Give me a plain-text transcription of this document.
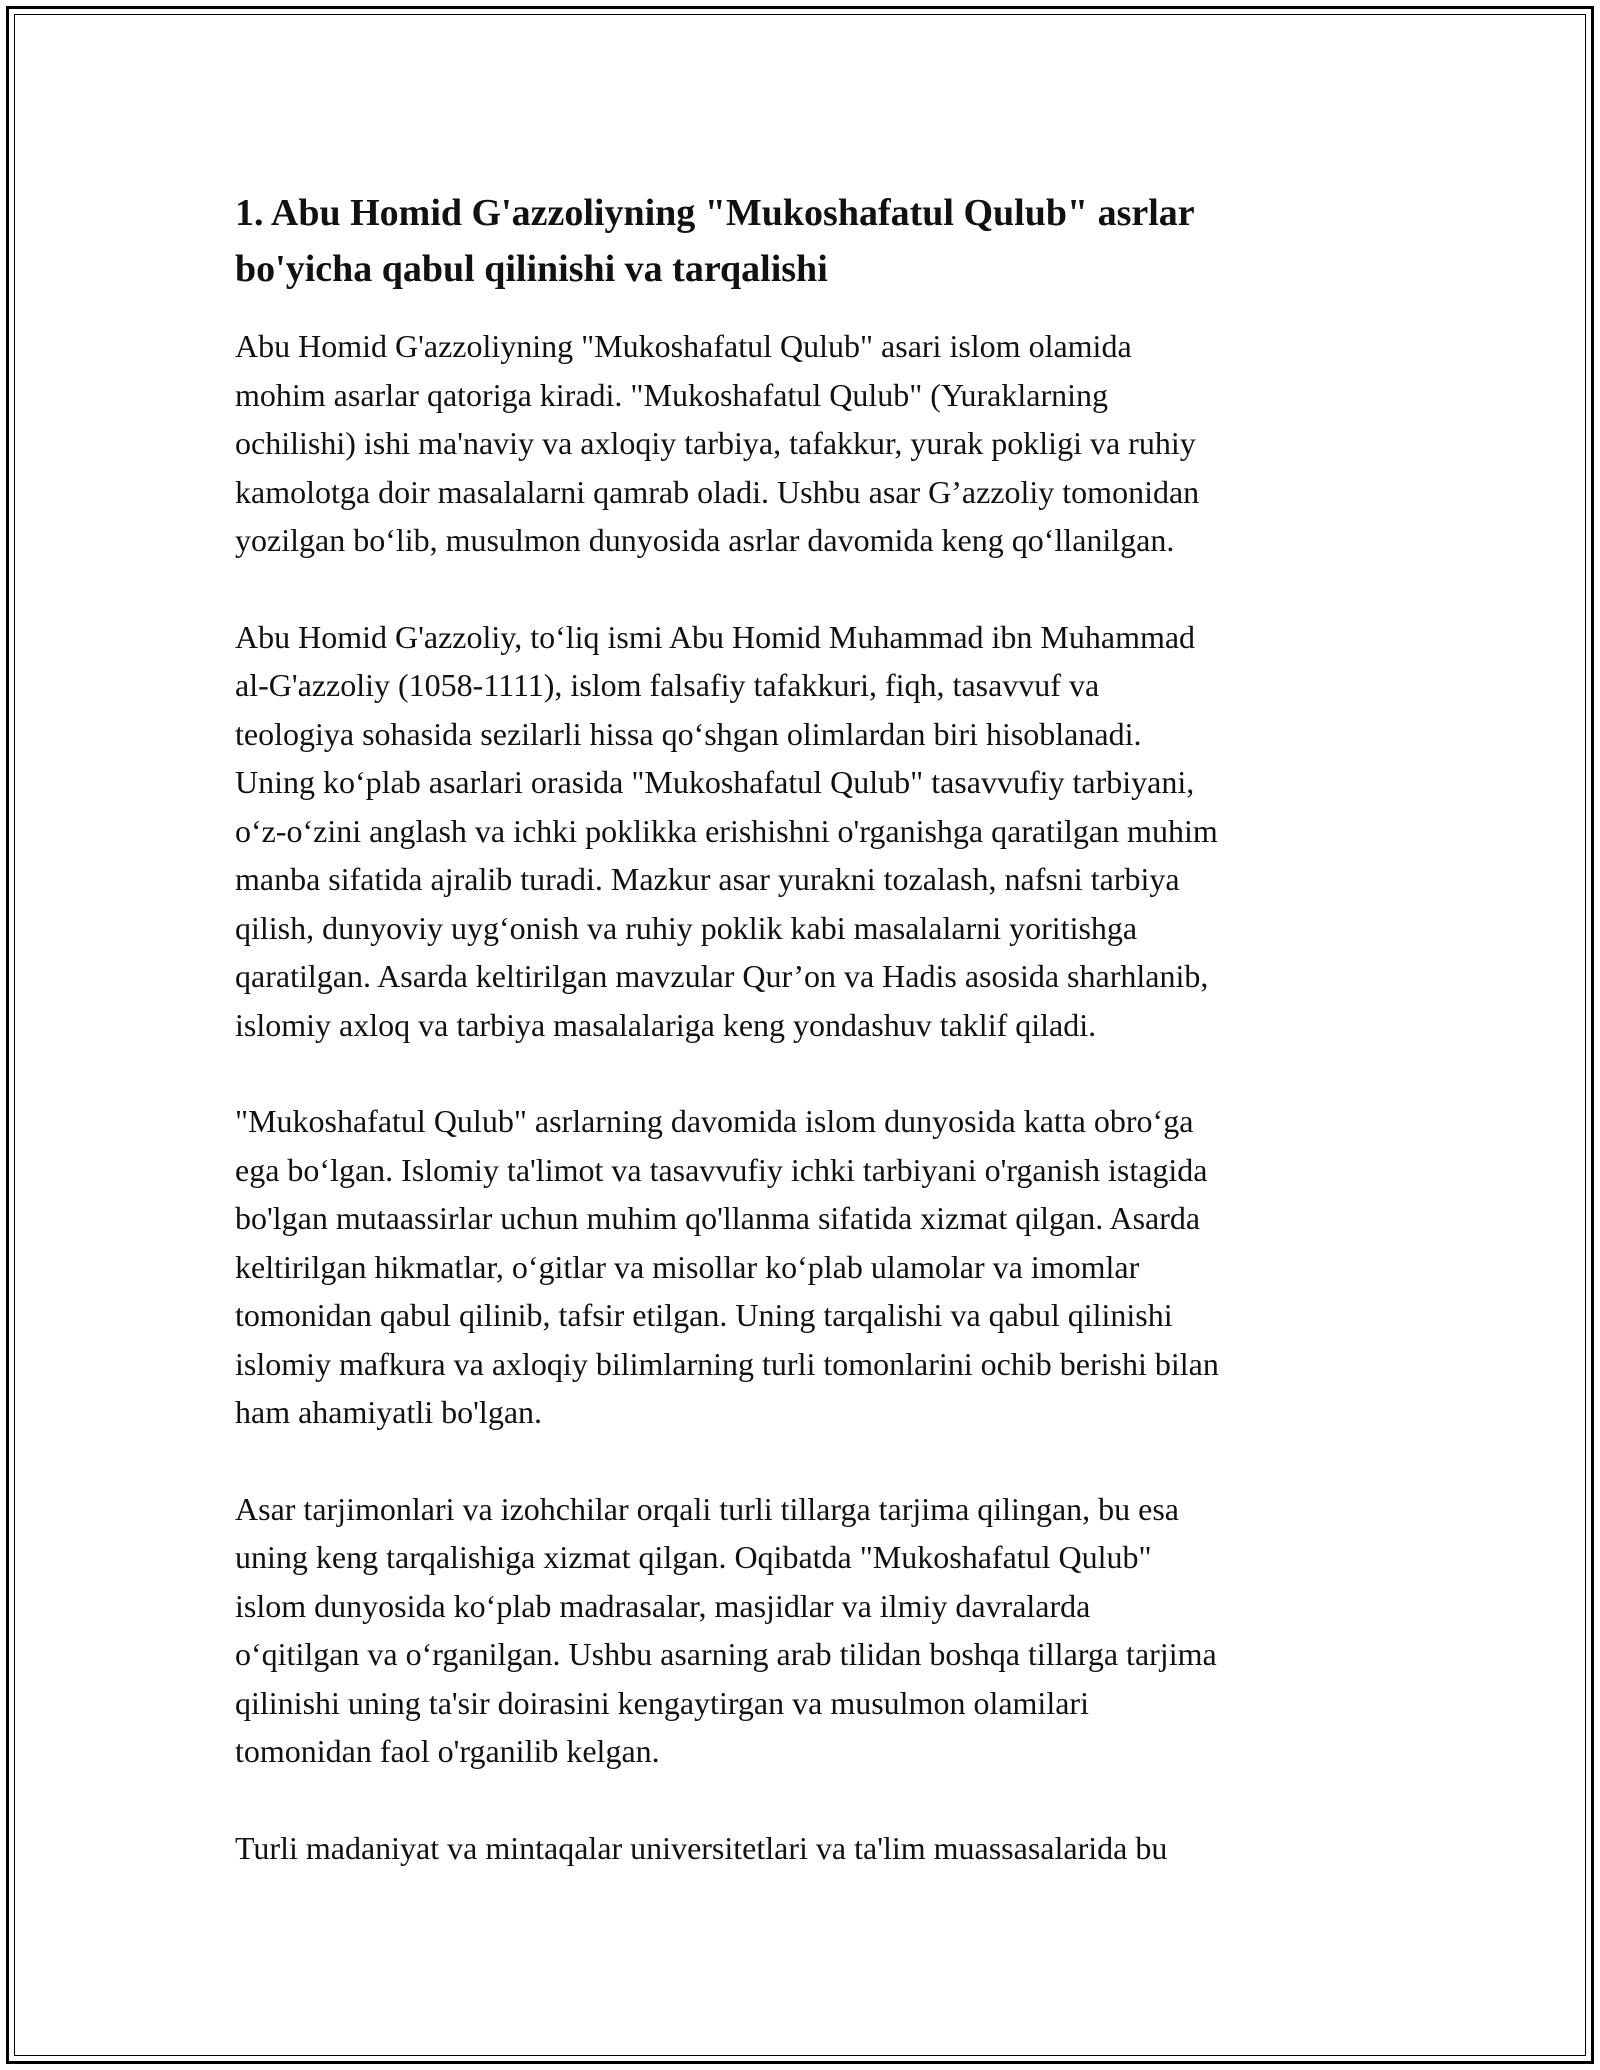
1. Abu Homid G'azzoliyning "Mukoshafatul Qulub" asrlar
bo'yicha qabul qilinishi va tarqalishi

Abu Homid G'azzoliyning "Mukoshafatul Qulub" asari islom olamida
mohim asarlar qatoriga kiradi. "Mukoshafatul Qulub" (Yuraklarning
ochilishi) ishi ma'naviy va axloqiy tarbiya, tafakkur, yurak pokligi va ruhiy
kamolotga doir masalalarni qamrab oladi. Ushbu asar G’azzoliy tomonidan
yozilgan bo‘lib, musulmon dunyosida asrlar davomida keng qo‘llanilgan.

Abu Homid G'azzoliy, to‘liq ismi Abu Homid Muhammad ibn Muhammad
al-G'azzoliy (1058-1111), islom falsafiy tafakkuri, fiqh, tasavvuf va
teologiya sohasida sezilarli hissa qo‘shgan olimlardan biri hisoblanadi.
Uning ko‘plab asarlari orasida "Mukoshafatul Qulub" tasavvufiy tarbiyani,
o‘z-o‘zini anglash va ichki poklikka erishishni o'rganishga qaratilgan muhim
manba sifatida ajralib turadi. Mazkur asar yurakni tozalash, nafsni tarbiya
qilish, dunyoviy uyg‘onish va ruhiy poklik kabi masalalarni yoritishga
qaratilgan. Asarda keltirilgan mavzular Qur’on va Hadis asosida sharhlanib,
islomiy axloq va tarbiya masalalariga keng yondashuv taklif qiladi.

"Mukoshafatul Qulub" asrlarning davomida islom dunyosida katta obro‘ga
ega bo‘lgan. Islomiy ta'limot va tasavvufiy ichki tarbiyani o'rganish istagida
bo'lgan mutaassirlar uchun muhim qo'llanma sifatida xizmat qilgan. Asarda
keltirilgan hikmatlar, o‘gitlar va misollar ko‘plab ulamolar va imomlar
tomonidan qabul qilinib, tafsir etilgan. Uning tarqalishi va qabul qilinishi
islomiy mafkura va axloqiy bilimlarning turli tomonlarini ochib berishi bilan
ham ahamiyatli bo'lgan.

Asar tarjimonlari va izohchilar orqali turli tillarga tarjima qilingan, bu esa
uning keng tarqalishiga xizmat qilgan. Oqibatda "Mukoshafatul Qulub"
islom dunyosida ko‘plab madrasalar, masjidlar va ilmiy davralarda
o‘qitilgan va o‘rganilgan. Ushbu asarning arab tilidan boshqa tillarga tarjima
qilinishi uning ta'sir doirasini kengaytirgan va musulmon olamilari
tomonidan faol o'rganilib kelgan.

Turli madaniyat va mintaqalar universitetlari va ta'lim muassasalarida bu
